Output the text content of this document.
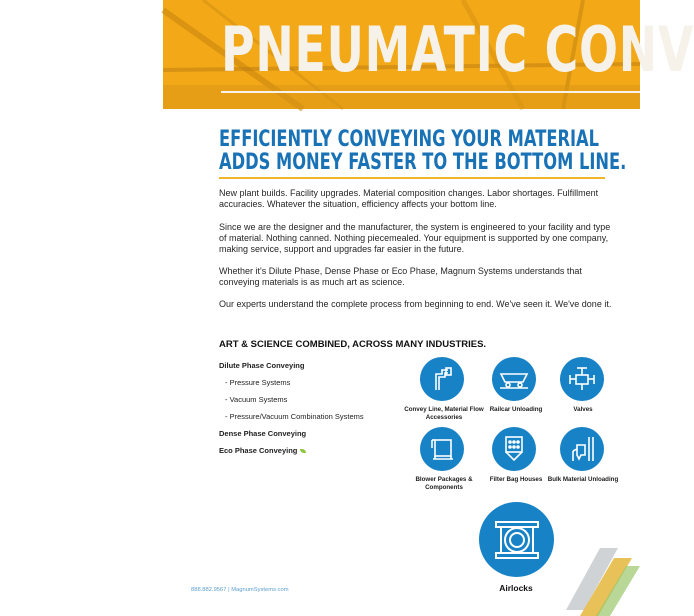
PNEUMATIC CONV
EFFICIENTLY CONVEYING YOUR MATERIAL
ADDS MONEY FASTER TO THE BOTTOM LINE.

New plant builds. Facility upgrades. Material composition changes. Labor shortages. Fulfillment accuracies. Whatever the situation, efficiency affects your bottom line.

Since we are the designer and the manufacturer, the system is engineered to your facility and type of material. Nothing canned. Nothing piecemealed. Your equipment is supported by one company, making service, support and upgrades far easier in the future.

Whether it's Dilute Phase, Dense Phase or Eco Phase, Magnum Systems understands that conveying materials is as much art as science.

Our experts understand the complete process from beginning to end. We've seen it. We've done it.

ART & SCIENCE COMBINED, ACROSS MANY INDUSTRIES.
Dilute Phase Conveying
- Pressure Systems
- Vacuum Systems
- Pressure/Vacuum Combination Systems
Dense Phase Conveying
Eco Phase Conveying
Convey Line, Material Flow Accessories
Railcar Unloading	Valves
Blower Packages & Components
Filter Bag Houses Bulk Material Unloading
Airlocks
888.882.9567 | MagnumSystems.com
